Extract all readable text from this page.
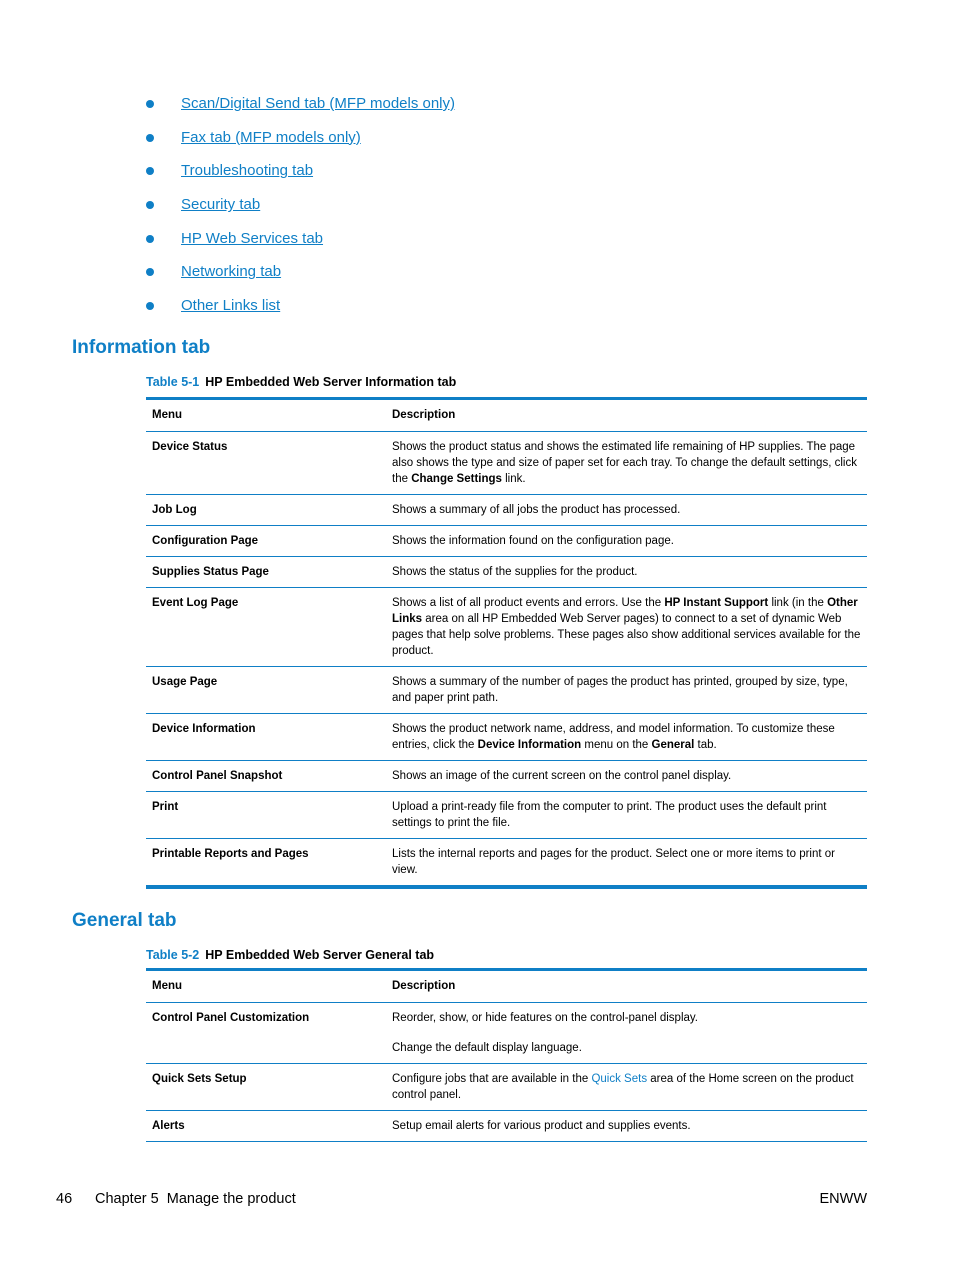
Scan/Digital Send tab (MFP models only)
Fax tab (MFP models only)
Troubleshooting tab
Security tab
HP Web Services tab
Networking tab
Other Links list
Information tab
Table 5-1 HP Embedded Web Server Information tab
Menu	Description
Device Status	Shows the product status and shows the estimated life remaining of HP supplies. The page also shows the type and size of paper set for each tray. To change the default settings, click the Change Settings link.
Job Log	Shows a summary of all jobs the product has processed.
Configuration Page	Shows the information found on the configuration page.
Supplies Status Page	Shows the status of the supplies for the product.
Event Log Page	Shows a list of all product events and errors. Use the HP Instant Support link (in the Other Links area on all HP Embedded Web Server pages) to connect to a set of dynamic Web pages that help solve problems. These pages also show additional services available for the product.
Usage Page	Shows a summary of the number of pages the product has printed, grouped by size, type, and paper print path.
Device Information	Shows the product network name, address, and model information. To customize these entries, click the Device Information menu on the General tab.
Control Panel Snapshot	Shows an image of the current screen on the control panel display.
Print	Upload a print-ready file from the computer to print. The product uses the default print settings to print the file.
Printable Reports and Pages	Lists the internal reports and pages for the product. Select one or more items to print or view.
General tab
Table 5-2 HP Embedded Web Server General tab
Menu	Description
Control Panel Customization	Reorder, show, or hide features on the control-panel display.
Change the default display language.

Quick Sets Setup	Configure jobs that are available in the Quick Sets area of the Home screen on the product control panel.

Alerts	Setup email alerts for various product and supplies events.
46 Chapter 5 Manage the product	ENWW
